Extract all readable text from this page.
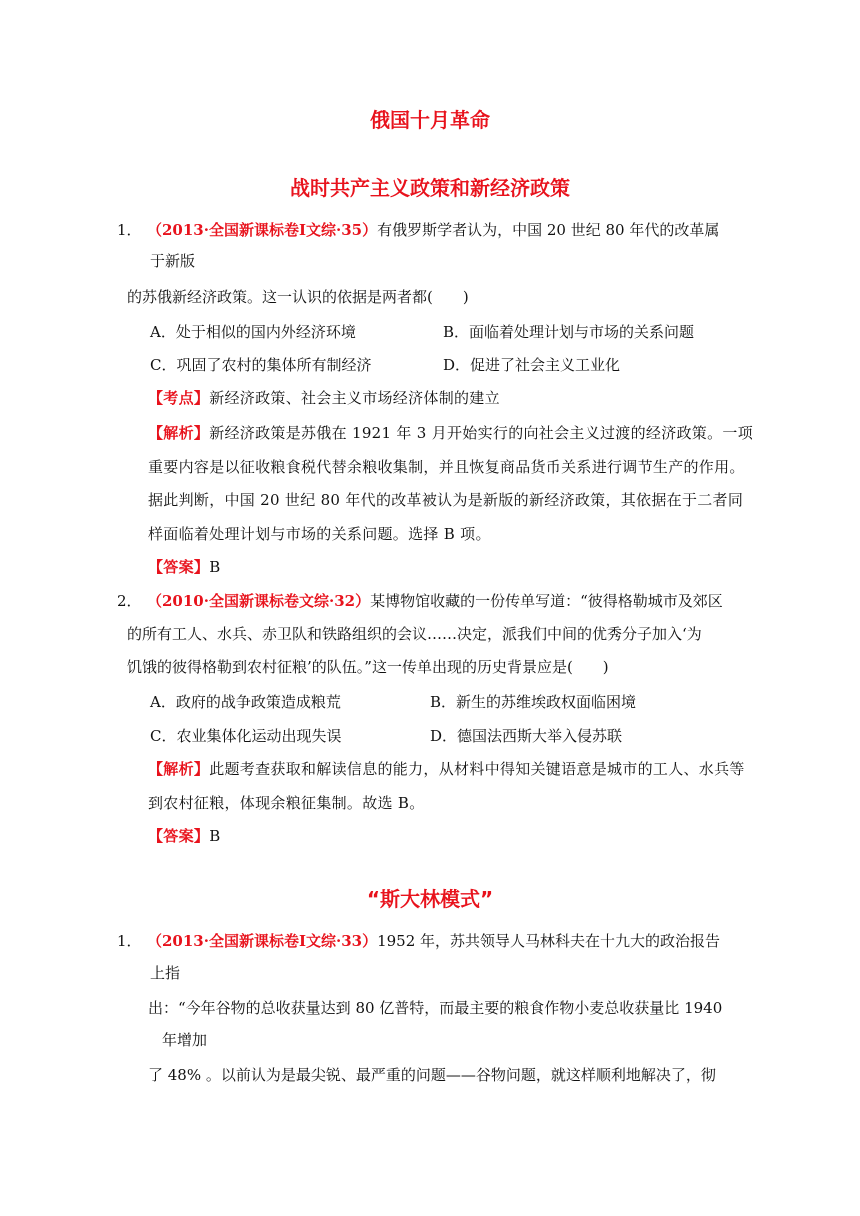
俄国十月革命
战时共产主义政策和新经济政策
1． （2013·全国新课标卷Ⅰ文综·35）有俄罗斯学者认为，中国 20 世纪 80 年代的改革属
于新版
的苏俄新经济政策。这一认识的依据是两者都(　　)
A．处于相似的国内外经济环境	B．面临着处理计划与市场的关系问题
C．巩固了农村的集体所有制经济	D．促进了社会主义工业化
【考点】新经济政策、社会主义市场经济体制的建立
【解析】新经济政策是苏俄在 1921 年 3 月开始实行的向社会主义过渡的经济政策。一项
重要内容是以征收粮食税代替余粮收集制，并且恢复商品货币关系进行调节生产的作用。
据此判断，中国 20 世纪 80 年代的改革被认为是新版的新经济政策，其依据在于二者同
样面临着处理计划与市场的关系问题。选择 B 项。
【答案】B
2． （2010·全国新课标卷文综·32）某博物馆收藏的一份传单写道：“彼得格勒城市及郊区
的所有工人、水兵、赤卫队和铁路组织的会议……决定，派我们中间的优秀分子加入‘为
饥饿的彼得格勒到农村征粮’的队伍。”这一传单出现的历史背景应是(　　)
A．政府的战争政策造成粮荒	B．新生的苏维埃政权面临困境
C．农业集体化运动出现失误	D．德国法西斯大举入侵苏联
【解析】此题考查获取和解读信息的能力，从材料中得知关键语意是城市的工人、水兵等
到农村征粮，体现余粮征集制。故选 B。
【答案】B
“斯大林模式”
1． （2013·全国新课标卷Ⅰ文综·33）1952 年，苏共领导人马林科夫在十九大的政治报告
上指
出：“今年谷物的总收获量达到 80 亿普特，而最主要的粮食作物小麦总收获量比 1940
年增加
了 48% 。以前认为是最尖锐、最严重的问题——谷物问题，就这样顺利地解决了，彻
